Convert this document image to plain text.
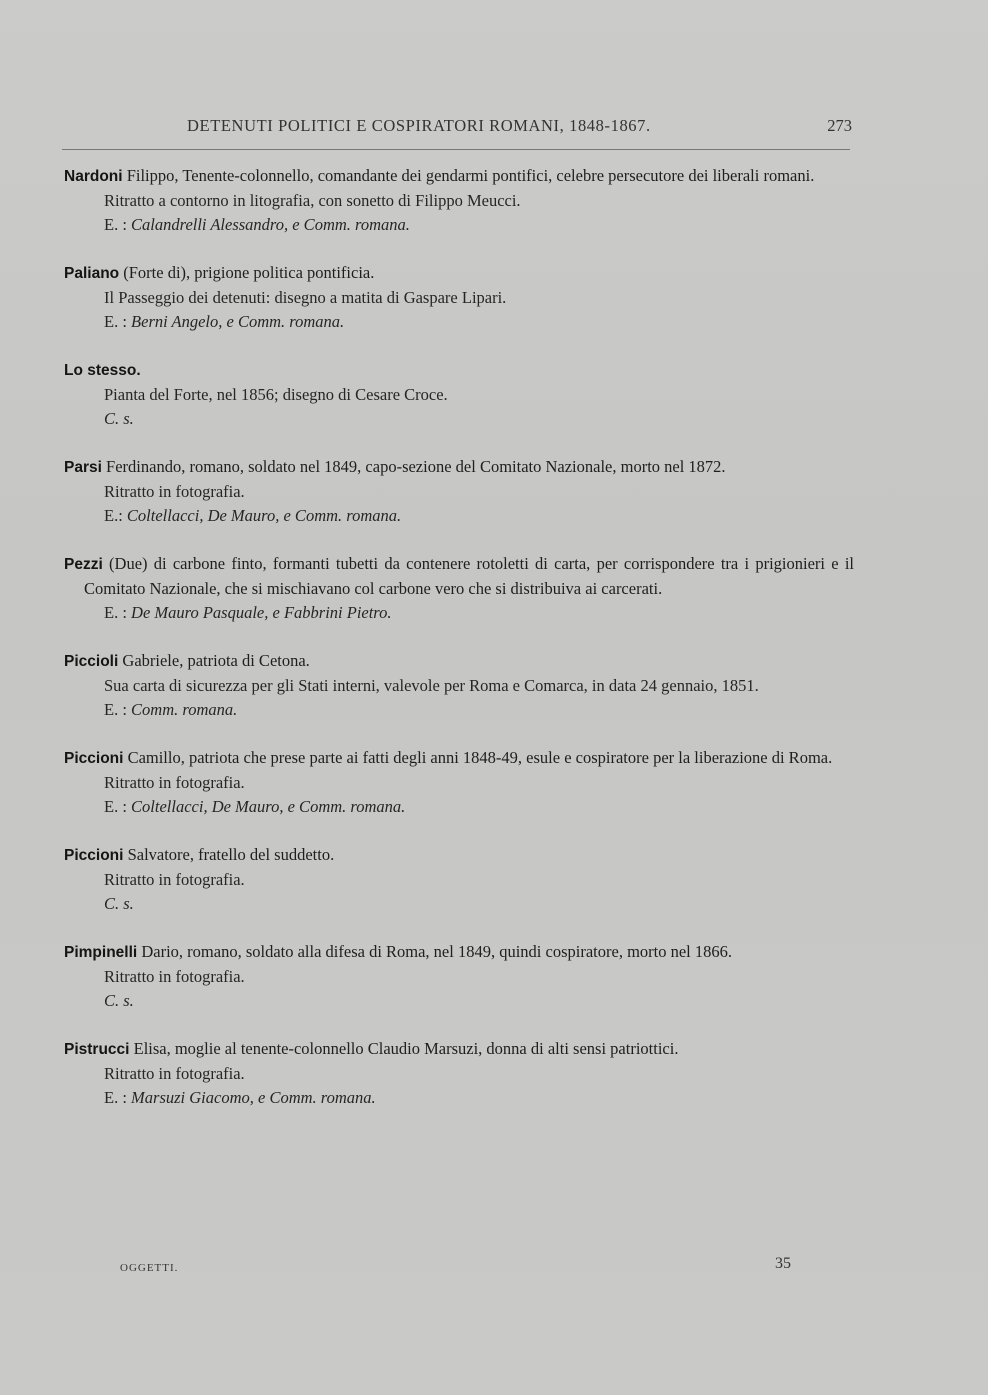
DETENUTI POLITICI E COSPIRATORI ROMANI, 1848-1867.	273
Nardoni Filippo, Tenente-colonnello, comandante dei gendarmi pontifici, celebre persecutore dei liberali romani.
Ritratto a contorno in litografia, con sonetto di Filippo Meucci.
E. : Calandrelli Alessandro, e Comm. romana.
Paliano (Forte di), prigione politica pontificia.
Il Passeggio dei detenuti: disegno a matita di Gaspare Lipari.
E. : Berni Angelo, e Comm. romana.
Lo stesso.
Pianta del Forte, nel 1856; disegno di Cesare Croce.
C. s.
Parsi Ferdinando, romano, soldato nel 1849, capo-sezione del Comitato Nazionale, morto nel 1872.
Ritratto in fotografia.
E.: Coltellacci, De Mauro, e Comm. romana.
Pezzi (Due) di carbone finto, formanti tubetti da contenere rotoletti di carta, per corrispondere tra i prigionieri e il Comitato Nazionale, che si mischiavano col carbone vero che si distribuiva ai carcerati.
E. : De Mauro Pasquale, e Fabbrini Pietro.
Piccioli Gabriele, patriota di Cetona.
Sua carta di sicurezza per gli Stati interni, valevole per Roma e Comarca, in data 24 gennaio, 1851.
E. : Comm. romana.
Piccioni Camillo, patriota che prese parte ai fatti degli anni 1848-49, esule e cospiratore per la liberazione di Roma.
Ritratto in fotografia.
E. : Coltellacci, De Mauro, e Comm. romana.
Piccioni Salvatore, fratello del suddetto.
Ritratto in fotografia.
C. s.
Pimpinelli Dario, romano, soldato alla difesa di Roma, nel 1849, quindi cospiratore, morto nel 1866.
Ritratto in fotografia.
C. s.
Pistrucci Elisa, moglie al tenente-colonnello Claudio Marsuzi, donna di alti sensi patriottici.
Ritratto in fotografia.
E. : Marsuzi Giacomo, e Comm. romana.
OGGETTI.	35
